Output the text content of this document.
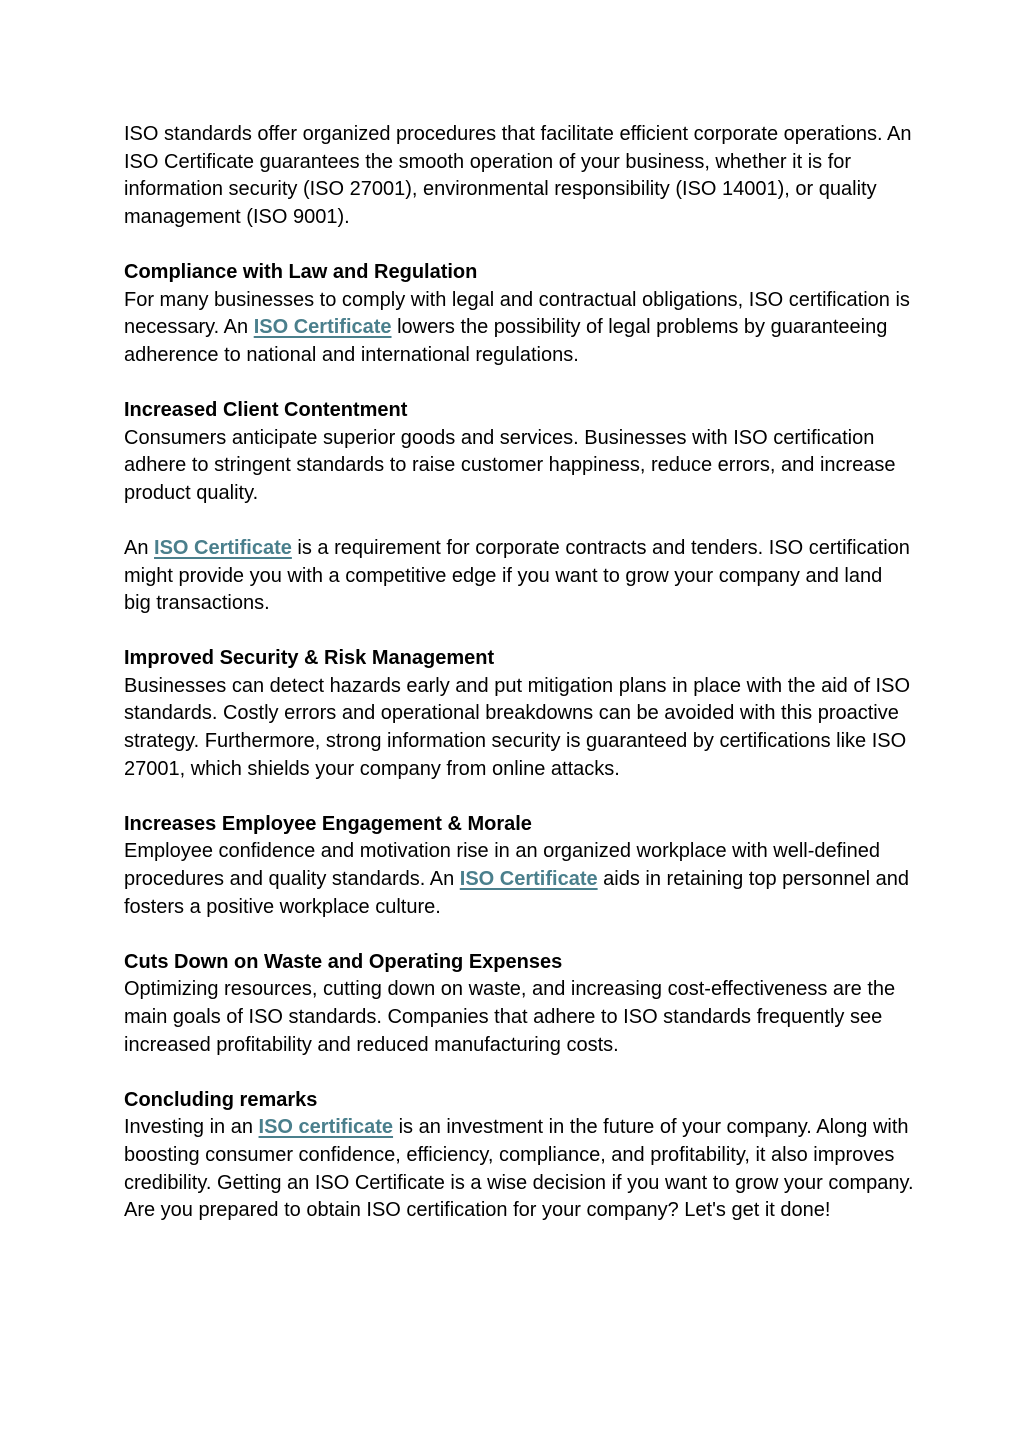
ISO standards offer organized procedures that facilitate efficient corporate operations. An ISO Certificate guarantees the smooth operation of your business, whether it is for information security (ISO 27001), environmental responsibility (ISO 14001), or quality management (ISO 9001).

Compliance with Law and Regulation

For many businesses to comply with legal and contractual obligations, ISO certification is necessary. An ISO Certificate lowers the possibility of legal problems by guaranteeing adherence to national and international regulations.

Increased Client Contentment

Consumers anticipate superior goods and services. Businesses with ISO certification adhere to stringent standards to raise customer happiness, reduce errors, and increase product quality.

An ISO Certificate is a requirement for corporate contracts and tenders. ISO certification might provide you with a competitive edge if you want to grow your company and land big transactions.

Improved Security & Risk Management

Businesses can detect hazards early and put mitigation plans in place with the aid of ISO standards. Costly errors and operational breakdowns can be avoided with this proactive strategy. Furthermore, strong information security is guaranteed by certifications like ISO 27001, which shields your company from online attacks.

Increases Employee Engagement & Morale

Employee confidence and motivation rise in an organized workplace with well-defined procedures and quality standards. An ISO Certificate aids in retaining top personnel and fosters a positive workplace culture.

Cuts Down on Waste and Operating Expenses

Optimizing resources, cutting down on waste, and increasing cost-effectiveness are the main goals of ISO standards. Companies that adhere to ISO standards frequently see increased profitability and reduced manufacturing costs.

Concluding remarks

Investing in an ISO certificate is an investment in the future of your company. Along with boosting consumer confidence, efficiency, compliance, and profitability, it also improves credibility. Getting an ISO Certificate is a wise decision if you want to grow your company.

Are you prepared to obtain ISO certification for your company? Let's get it done!
